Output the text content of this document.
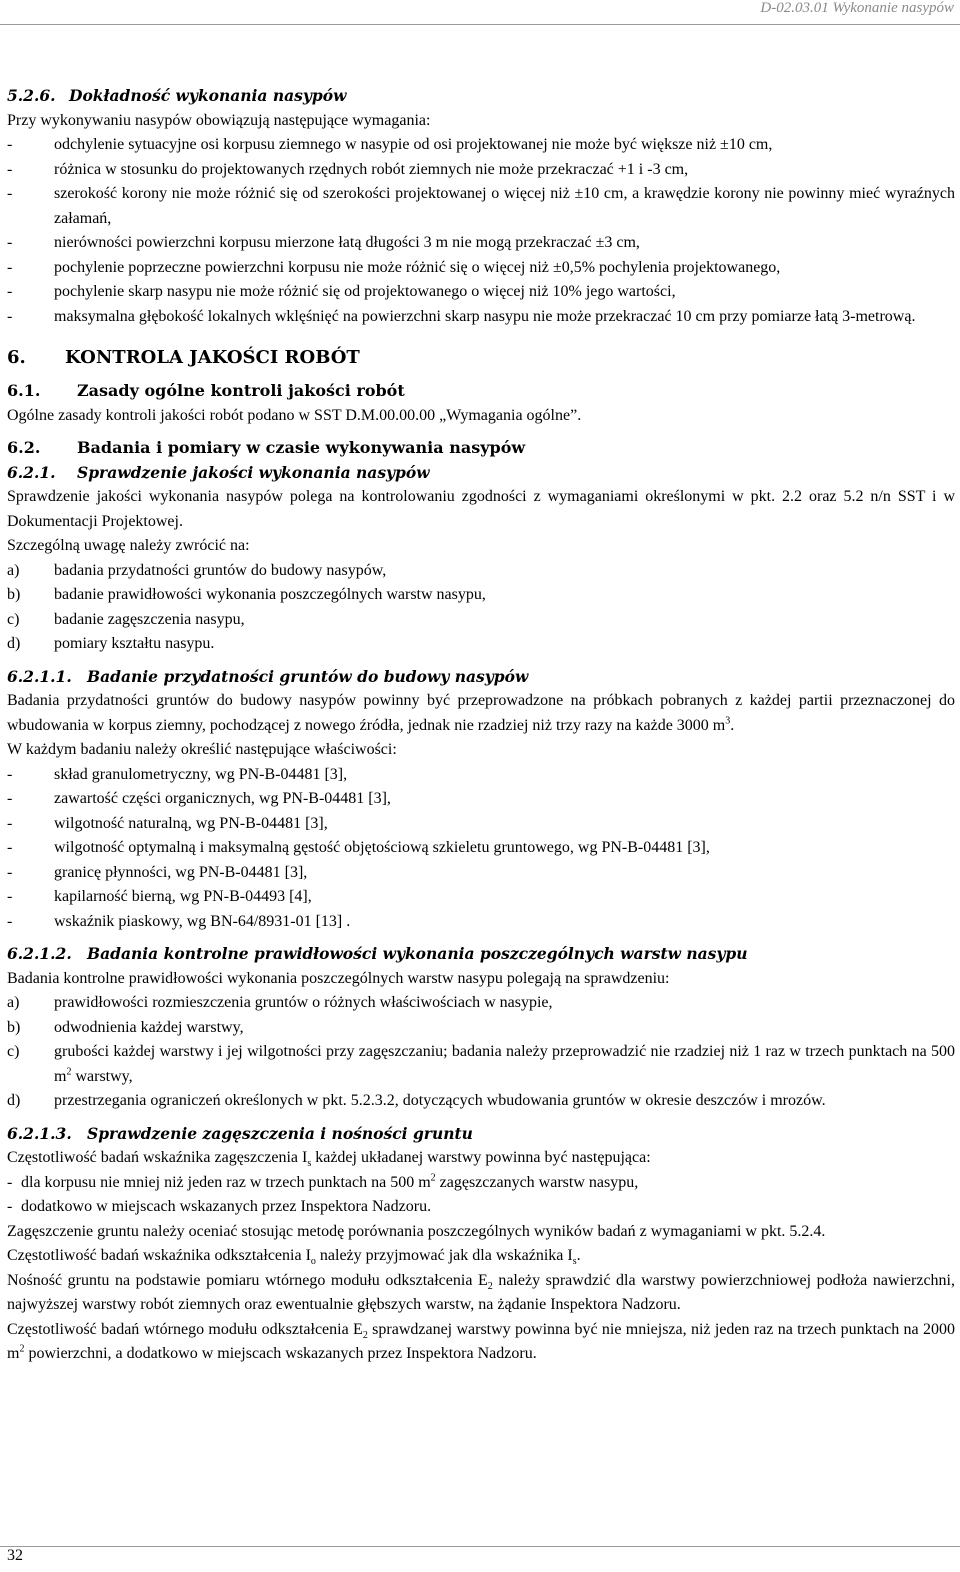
D-02.03.01 Wykonanie nasypów
5.2.6. Dokładność wykonania nasypów
Przy wykonywaniu nasypów obowiązują następujące wymagania:
-	odchylenie sytuacyjne osi korpusu ziemnego w nasypie od osi projektowanej nie może być większe niż ±10 cm,
-	różnica w stosunku do projektowanych rzędnych robót ziemnych nie może przekraczać +1 i -3 cm,
-	szerokość korony nie może różnić się od szerokości projektowanej o więcej niż ±10 cm, a krawędzie korony nie powinny mieć wyraźnych załamań,
-	nierówności powierzchni korpusu mierzone łatą długości 3 m nie mogą przekraczać ±3 cm,
-	pochylenie poprzeczne powierzchni korpusu nie może różnić się o więcej niż ±0,5% pochylenia projektowanego,
-	pochylenie skarp nasypu nie może różnić się od projektowanego o więcej niż 10% jego wartości,
-	maksymalna głębokość lokalnych wklęśnięć na powierzchni skarp nasypu nie może przekraczać 10 cm przy pomiarze łatą 3-metrową.
6. KONTROLA JAKOŚCI ROBÓT
6.1. Zasady ogólne kontroli jakości robót
Ogólne zasady kontroli jakości robót podano w SST D.M.00.00.00 „Wymagania ogólne”.
6.2. Badania i pomiary w czasie wykonywania nasypów
6.2.1. Sprawdzenie jakości wykonania nasypów
Sprawdzenie jakości wykonania nasypów polega na kontrolowaniu zgodności z wymaganiami określonymi w pkt. 2.2 oraz 5.2 n/n SST i w Dokumentacji Projektowej.
Szczególną uwagę należy zwrócić na:
a)	badania przydatności gruntów do budowy nasypów,
b)	badanie prawidłowości wykonania poszczególnych warstw nasypu,
c)	badanie zagęszczenia nasypu,
d)	pomiary kształtu nasypu.
6.2.1.1. Badanie przydatności gruntów do budowy nasypów
Badania przydatności gruntów do budowy nasypów powinny być przeprowadzone na próbkach pobranych z każdej partii przeznaczonej do wbudowania w korpus ziemny, pochodzącej z nowego źródła, jednak nie rzadziej niż trzy razy na każde 3000 $m^3$.
W każdym badaniu należy określić następujące właściwości:
-	skład granulometryczny, wg PN-B-04481 [3],
-	zawartość części organicznych, wg PN-B-04481 [3],
-	wilgotność naturalną, wg PN-B-04481 [3],
-	wilgotność optymalną i maksymalną gęstość objętościową szkieletu gruntowego, wg PN-B-04481 [3],
-	granicę płynności, wg PN-B-04481 [3],
-	kapilarność bierną, wg PN-B-04493 [4],
-	wskaźnik piaskowy, wg BN-64/8931-01 [13] .
6.2.1.2. Badania kontrolne prawidłowości wykonania poszczególnych warstw nasypu
Badania kontrolne prawidłowości wykonania poszczególnych warstw nasypu polegają na sprawdzeniu:
a)	prawidłowości rozmieszczenia gruntów o różnych właściwościach w nasypie,
b)	odwodnienia każdej warstwy,
c)	grubości każdej warstwy i jej wilgotności przy zagęszczaniu; badania należy przeprowadzić nie rzadziej niż 1 raz w trzech punktach na 500 $m^2$ warstwy,
d)	przestrzegania ograniczeń określonych w pkt. 5.2.3.2, dotyczących wbudowania gruntów w okresie deszczów i mrozów.
6.2.1.3. Sprawdzenie zagęszczenia i nośności gruntu
Częstotliwość badań wskaźnika zagęszczenia $I_s$ każdej układanej warstwy powinna być następująca:
- dla korpusu nie mniej niż jeden raz w trzech punktach na 500 $m^2$ zagęszczanych warstw nasypu,
- dodatkowo w miejscach wskazanych przez Inspektora Nadzoru.
Zagęszczenie gruntu należy oceniać stosując metodę porównania poszczególnych wyników badań z wymaganiami w pkt. 5.2.4.
Częstotliwość badań wskaźnika odkształcenia $I_o$ należy przyjmować jak dla wskaźnika $I_s$.
Nośność gruntu na podstawie pomiaru wtórnego modułu odkształcenia $E_2$ należy sprawdzić dla warstwy powierzchniowej podłoża nawierzchni, najwyższej warstwy robót ziemnych oraz ewentualnie głębszych warstw, na żądanie Inspektora Nadzoru.
Częstotliwość badań wtórnego modułu odkształcenia $E_2$ sprawdzanej warstwy powinna być nie mniejsza, niż jeden raz na trzech punktach na 2000 $m^2$ powierzchni, a dodatkowo w miejscach wskazanych przez Inspektora Nadzoru.
32
